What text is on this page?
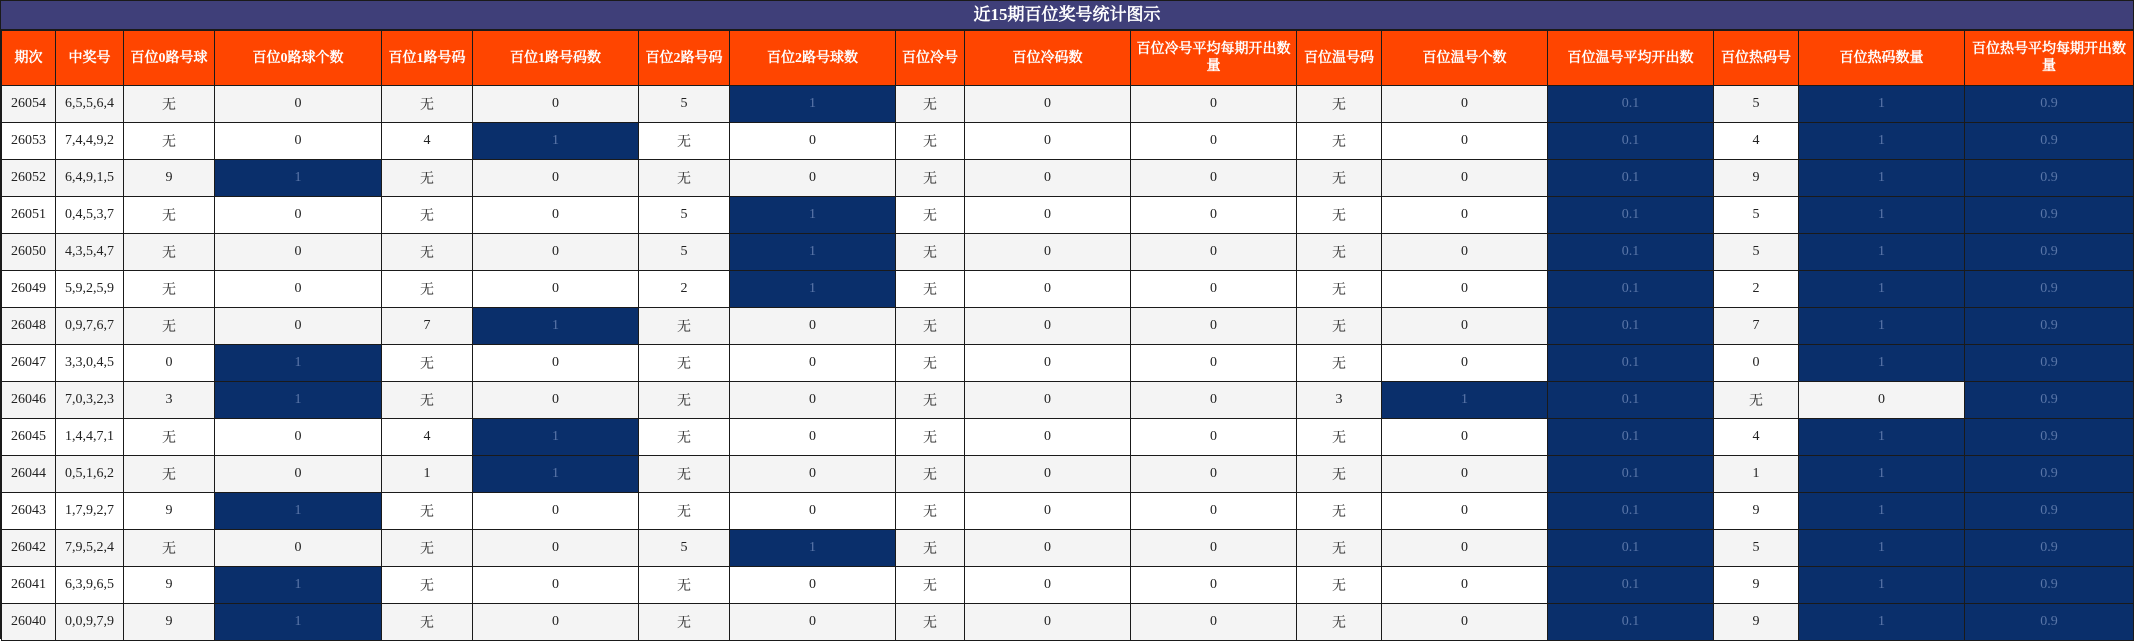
近15期百位奖号统计图示
期次	中奖号	百位0路号球	百位0路球个数	百位1路号码	百位1路号码数	百位2路号码	百位2路号球数	百位冷号	百位冷码数	百位冷号平均每期开出数量	百位温号码	百位温号个数	百位温号平均开出数	百位热码号	百位热码数量	百位热号平均每期开出数量
26054	6,5,5,6,4	无	0	无	0	5	1	无	0	0	无	0	0.1	5	1	0.9
26053	7,4,4,9,2	无	0	4	1	无	0	无	0	0	无	0	0.1	4	1	0.9
26052	6,4,9,1,5	9	1	无	0	无	0	无	0	0	无	0	0.1	9	1	0.9
26051	0,4,5,3,7	无	0	无	0	5	1	无	0	0	无	0	0.1	5	1	0.9
26050	4,3,5,4,7	无	0	无	0	5	1	无	0	0	无	0	0.1	5	1	0.9
26049	5,9,2,5,9	无	0	无	0	2	1	无	0	0	无	0	0.1	2	1	0.9
26048	0,9,7,6,7	无	0	7	1	无	0	无	0	0	无	0	0.1	7	1	0.9
26047	3,3,0,4,5	0	1	无	0	无	0	无	0	0	无	0	0.1	0	1	0.9
26046	7,0,3,2,3	3	1	无	0	无	0	无	0	0	3	1	0.1	无	0	0.9
26045	1,4,4,7,1	无	0	4	1	无	0	无	0	0	无	0	0.1	4	1	0.9
26044	0,5,1,6,2	无	0	1	1	无	0	无	0	0	无	0	0.1	1	1	0.9
26043	1,7,9,2,7	9	1	无	0	无	0	无	0	0	无	0	0.1	9	1	0.9
26042	7,9,5,2,4	无	0	无	0	5	1	无	0	0	无	0	0.1	5	1	0.9
26041	6,3,9,6,5	9	1	无	0	无	0	无	0	0	无	0	0.1	9	1	0.9
26040	0,0,9,7,9	9	1	无	0	无	0	无	0	0	无	0	0.1	9	1	0.9
